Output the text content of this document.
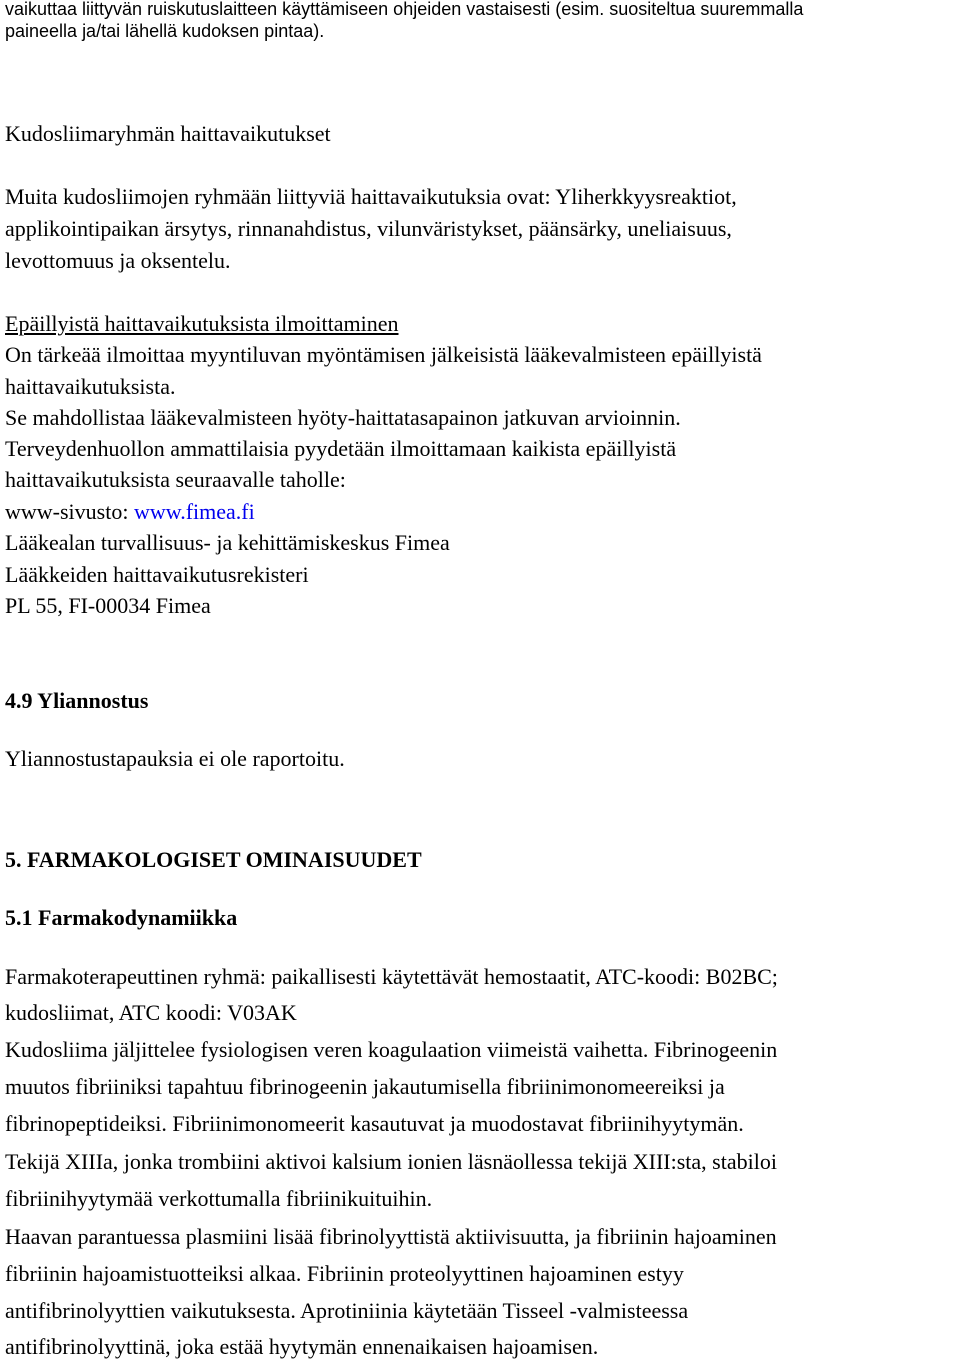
vaikuttaa liittyvän ruiskutuslaitteen käyttämiseen ohjeiden vastaisesti (esim. suositeltua suuremmalla
paineella ja/tai lähellä kudoksen pintaa).
Kudosliimaryhmän haittavaikutukset
Muita kudosliimojen ryhmään liittyviä haittavaikutuksia ovat: Yliherkkyysreaktiot,
applikointipaikan ärsytys, rinnanahdistus, vilunväristykset, päänsärky, uneliaisuus,
levottomuus ja oksentelu.
Epäillyistä haittavaikutuksista ilmoittaminen
On tärkeää ilmoittaa myyntiluvan myöntämisen jälkeisistä lääkevalmisteen epäillyistä
haittavaikutuksista.
Se mahdollistaa lääkevalmisteen hyöty-haittatasapainon jatkuvan arvioinnin.
Terveydenhuollon ammattilaisia pyydetään ilmoittamaan kaikista epäillyistä
haittavaikutuksista seuraavalle taholle:
www-sivusto: www.fimea.fi
Lääkealan turvallisuus- ja kehittämiskeskus Fimea
Lääkkeiden haittavaikutusrekisteri
PL 55, FI-00034 Fimea
4.9 Yliannostus
Yliannostustapauksia ei ole raportoitu.
5. FARMAKOLOGISET OMINAISUUDET
5.1 Farmakodynamiikka
Farmakoterapeuttinen ryhmä: paikallisesti käytettävät hemostaatit, ATC-koodi: B02BC;
kudosliimat, ATC koodi: V03AK
Kudosliima jäljittelee fysiologisen veren koagulaation viimeistä vaihetta. Fibrinogeenin
muutos fibriiniksi tapahtuu fibrinogeenin jakautumisella fibriinimonomeereiksi ja
fibrinopeptideiksi. Fibriinimonomeerit kasautuvat ja muodostavat fibriinihyytymän.
Tekijä XIIIa, jonka trombiini aktivoi kalsium ionien läsnäollessa tekijä XIII:sta, stabiloi
fibriinihyytymää verkottumalla fibriinikuituihin.
Haavan parantuessa plasmiini lisää fibrinolyyttistä aktiivisuutta, ja fibriinin hajoaminen
fibriinin hajoamistuotteiksi alkaa. Fibriinin proteolyyttinen hajoaminen estyy
antifibrinolyyttien vaikutuksesta. Aprotiniinia käytetään Tisseel -valmisteessa
antifibrinolyyttinä, joka estää hyytymän ennenaikaisen hajoamisen.
